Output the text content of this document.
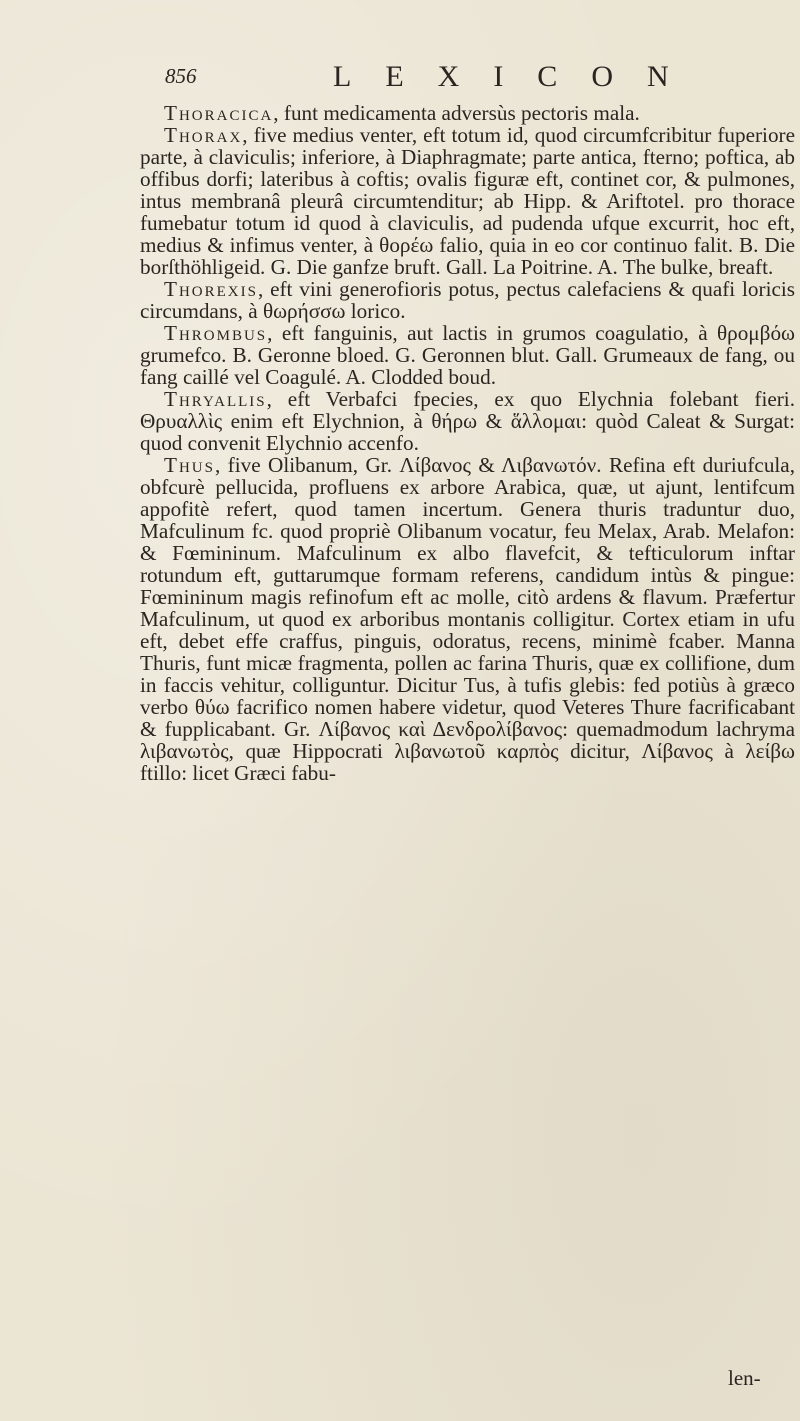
856	LEXICON

Thoracica, funt medicamenta adversùs pectoris mala.

Thorax, five medius venter, eft totum id, quod circumfcribitur fuperiore parte, à claviculis; inferiore, à Diaphragmate; parte antica, fterno; poftica, ab offibus dorfi; lateribus à coftis; ovalis figuræ eft, continet cor, & pulmones, intus membranâ pleurâ circumtenditur; ab Hipp. & Ariftotel. pro thorace fumebatur totum id quod à claviculis, ad pudenda ufque excurrit, hoc eft, medius & infimus venter, à θορέω falio, quia in eo cor continuo falit. B. Die borſthöhligeid. G. Die ganfze bruft. Gall. La Poitrine. A. The bulke, breaft.

Thorexis, eft vini generofioris potus, pectus calefaciens & quafi loricis circumdans, à θωρήσσω lorico.

Thrombus, eft fanguinis, aut lactis in grumos coagulatio, à θρομβόω grumefco. B. Geronne bloed. G. Geronnen blut. Gall. Grumeaux de fang, ou fang caillé vel Coagulé. A. Clodded boud.

Thryallis, eft Verbafci fpecies, ex quo Elychnia folebant fieri. Θρυαλλὶς enim eft Elychnion, à θήρω & ἅλλομαι: quòd Caleat & Surgat: quod convenit Elychnio accenfo.

Thus, five Olibanum, Gr. Λίβανος & Λιβανωτόν. Refina eft duriufcula, obfcurè pellucida, profluens ex arbore Arabica, quæ, ut ajunt, lentifcum appofitè refert, quod tamen incertum. Genera thuris traduntur duo, Mafculinum fc. quod propriè Olibanum vocatur, feu Melax, Arab. Melafon: & Fœmininum. Mafculinum ex albo flavefcit, & tefticulorum inftar rotundum eft, guttarumque formam referens, candidum intùs & pingue: Fœmininum magis refinofum eft ac molle, citò ardens & flavum. Præfertur Mafculinum, ut quod ex arboribus montanis colligitur. Cortex etiam in ufu eft, debet effe craffus, pinguis, odoratus, recens, minimè fcaber. Manna Thuris, funt micæ fragmenta, pollen ac farina Thuris, quæ ex collifione, dum in faccis vehitur, colliguntur. Dicitur Tus, à tufis glebis: fed potiùs à græco verbo θύω facrifico nomen habere videtur, quod Veteres Thure facrificabant & fupplicabant. Gr. Λίβανος καὶ Δενδρολίβανος: quemadmodum lachryma λιβανωτὸς, quæ Hippocrati λιβανωτοῦ καρπὸς dicitur, Λίβανος à λείβω ftillo: licet Græci fabu-

len-
